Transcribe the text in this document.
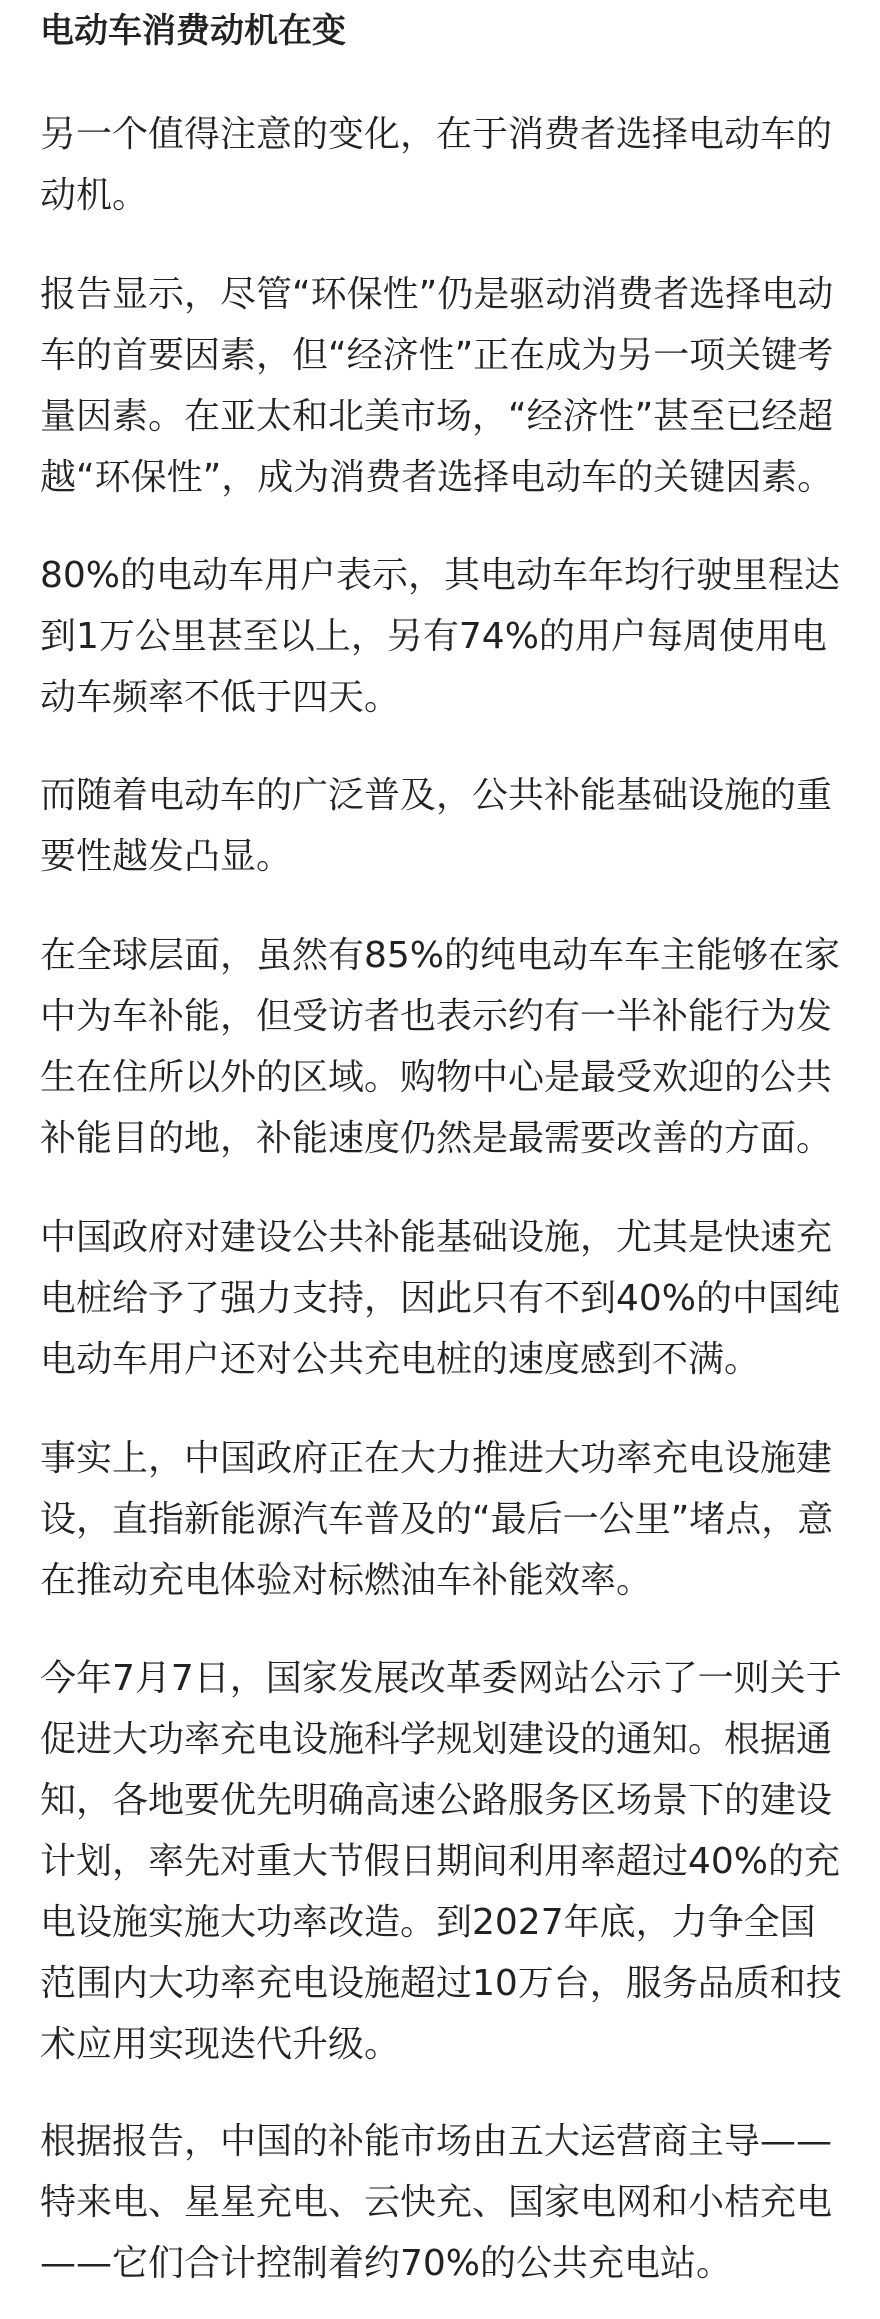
电动车消费动机在变
另一个值得注意的变化，在于消费者选择电动车的
动机。
报告显示，尽管“环保性”仍是驱动消费者选择电动
车的首要因素，但“经济性”正在成为另一项关键考
量因素。在亚太和北美市场，“经济性”甚至已经超
越“环保性”，成为消费者选择电动车的关键因素。
80%的电动车用户表示，其电动车年均行驶里程达
到1万公里甚至以上，另有74%的用户每周使用电
动车频率不低于四天。
而随着电动车的广泛普及，公共补能基础设施的重
要性越发凸显。
在全球层面，虽然有85%的纯电动车车主能够在家
中为车补能，但受访者也表示约有一半补能行为发
生在住所以外的区域。购物中心是最受欢迎的公共
补能目的地，补能速度仍然是最需要改善的方面。
中国政府对建设公共补能基础设施，尤其是快速充
电桩给予了强力支持，因此只有不到40%的中国纯
电动车用户还对公共充电桩的速度感到不满。
事实上，中国政府正在大力推进大功率充电设施建
设，直指新能源汽车普及的“最后一公里”堵点，意
在推动充电体验对标燃油车补能效率。
今年7月7日，国家发展改革委网站公示了一则关于
促进大功率充电设施科学规划建设的通知。根据通
知，各地要优先明确高速公路服务区场景下的建设
计划，率先对重大节假日期间利用率超过40%的充
电设施实施大功率改造。到2027年底，力争全国
范围内大功率充电设施超过10万台，服务品质和技
术应用实现迭代升级。
根据报告，中国的补能市场由五大运营商主导——
特来电、星星充电、云快充、国家电网和小桔充电
——它们合计控制着约70%的公共充电站。
